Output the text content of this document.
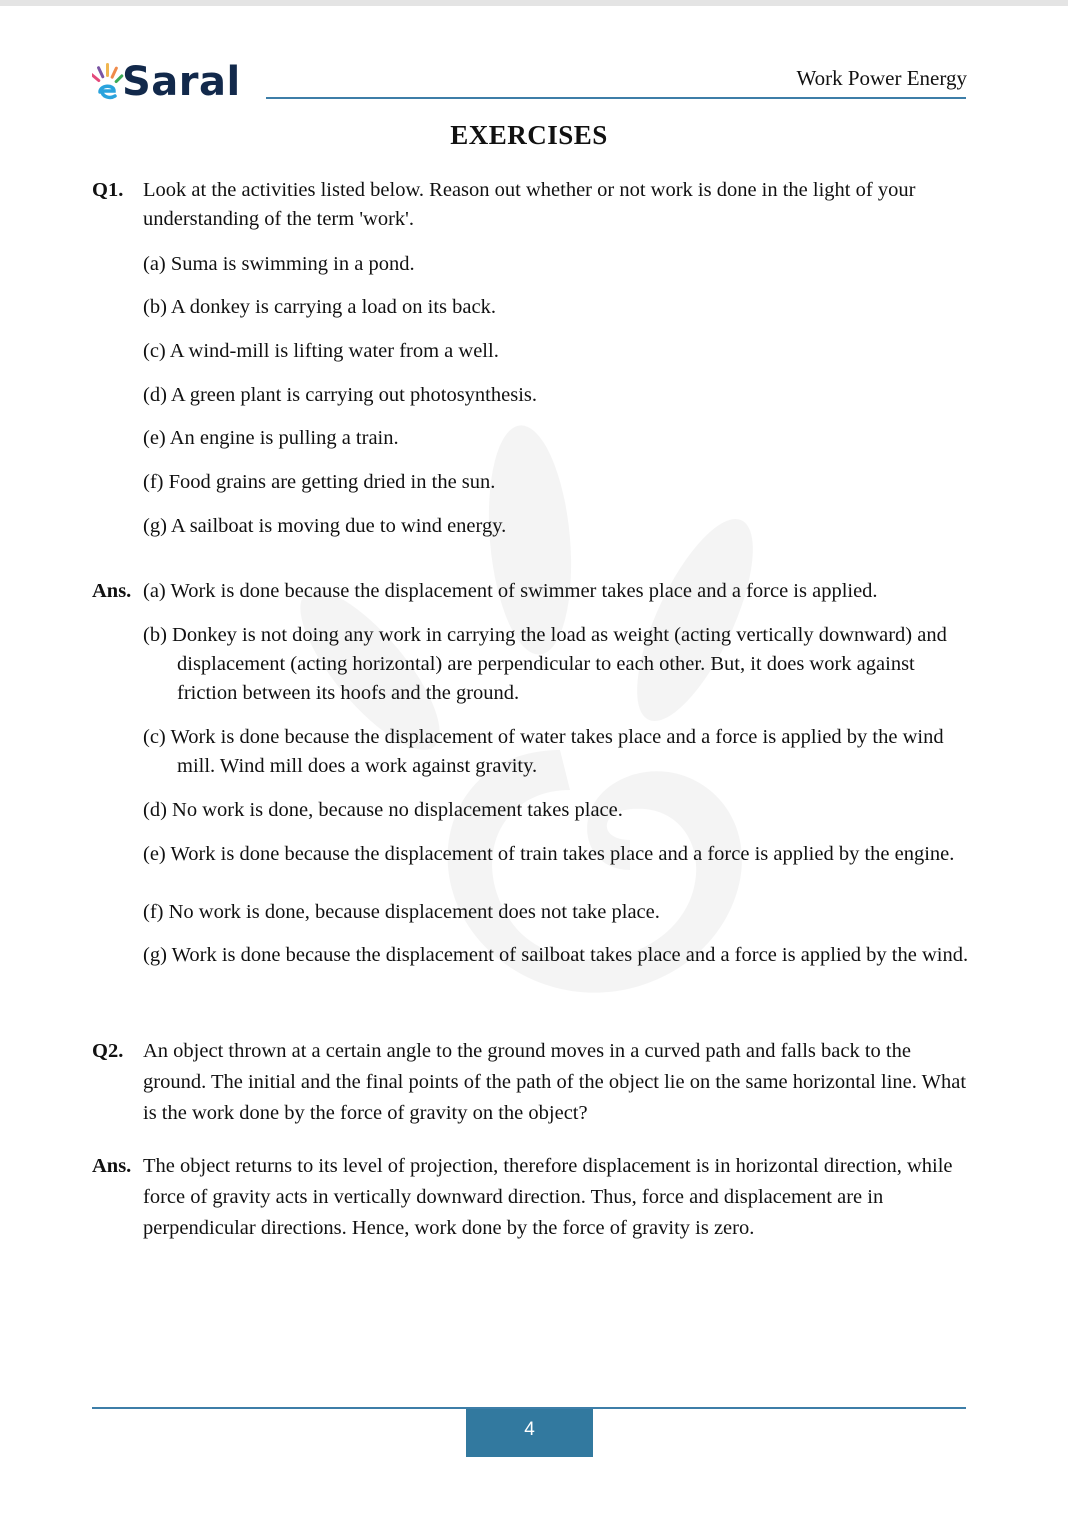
Saral	Work Power Energy
EXERCISES
Q1. Look at the activities listed below. Reason out whether or not work is done in the light of your understanding of the term 'work'.
(a) Suma is swimming in a pond.
(b) A donkey is carrying a load on its back.
(c) A wind-mill is lifting water from a well.
(d) A green plant is carrying out photosynthesis.
(e) An engine is pulling a train.
(f) Food grains are getting dried in the sun.
(g) A sailboat is moving due to wind energy.
Ans. (a) Work is done because the displacement of swimmer takes place and a force is applied.
(b) Donkey is not doing any work in carrying the load as weight (acting vertically downward) and displacement (acting horizontal) are perpendicular to each other. But, it does work against friction between its hoofs and the ground.
(c) Work is done because the displacement of water takes place and a force is applied by the wind mill. Wind mill does a work against gravity.
(d) No work is done, because no displacement takes place.
(e) Work is done because the displacement of train takes place and a force is applied by the engine.
(f) No work is done, because displacement does not take place.
(g) Work is done because the displacement of sailboat takes place and a force is applied by the wind.
Q2. An object thrown at a certain angle to the ground moves in a curved path and falls back to the ground. The initial and the final points of the path of the object lie on the same horizontal line. What is the work done by the force of gravity on the object?
Ans. The object returns to its level of projection, therefore displacement is in horizontal direction, while force of gravity acts in vertically downward direction. Thus, force and displacement are in perpendicular directions. Hence, work done by the force of gravity is zero.
4
